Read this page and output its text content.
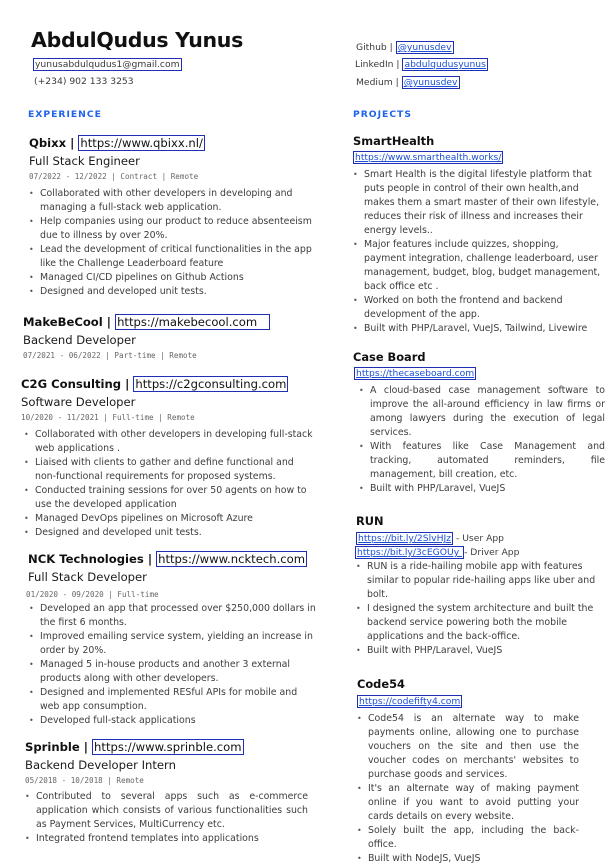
AbdulQudus Yunus
yunusabdulqudus1@gmail.com
(+234) 902 133 3253
Github | @yunusdev
LinkedIn | abdulqudusyunus
Medium | @yunusdev
EXPERIENCE	PROJECTS
Qbixx | https://www.qbixx.nl/
Full Stack Engineer
07/2022 - 12/2022 | Contract | Remote
• Collaborated with other developers in developing and managing a full-stack web application.
• Help companies using our product to reduce absenteeism due to illness by over 20%.
• Lead the development of critical functionalities in the app like the Challenge Leaderboard feature
• Managed CI/CD pipelines on Github Actions
• Designed and developed unit tests.
MakeBeCool | https://makebecool.com
Backend Developer
07/2021 - 06/2022 | Part-time | Remote
C2G Consulting | https://c2gconsulting.com
Software Developer
10/2020 - 11/2021 | Full-time | Remote
• Collaborated with other developers in developing full-stack web applications .
• Liaised with clients to gather and define functional and non-functional requirements for proposed systems.
• Conducted training sessions for over 50 agents on how to use the developed application
• Managed DevOps pipelines on Microsoft Azure
• Designed and developed unit tests.
NCK Technologies | https://www.ncktech.com
Full Stack Developer
01/2020 - 09/2020 | Full-time
• Developed an app that processed over $250,000 dollars in the first 6 months.
• Improved emailing service system, yielding an increase in order by 20%.
• Managed 5 in-house products and another 3 external products along with other developers.
• Designed and implemented RESful APIs for mobile and web app consumption.
• Developed full-stack applications
Sprinble | https://www.sprinble.com
Backend Developer Intern
05/2018 - 10/2018 | Remote
• Contributed to several apps such as e-commerce application which consists of various functionalities such as Payment Services, MultiCurrency etc.
• Integrated frontend templates into applications
SmartHealth
https://www.smarthealth.works/
• Smart Health is the digital lifestyle platform that puts people in control of their own health,and makes them a smart master of their own lifestyle, reduces their risk of illness and increases their energy levels..
• Major features include quizzes, shopping, payment integration, challenge leaderboard, user management, budget, blog, budget management, back office etc .
• Worked on both the frontend and backend development of the app.
• Built with PHP/Laravel, VueJS, Tailwind, Livewire
Case Board
https://thecaseboard.com
• A cloud-based case management software to improve the all-around efficiency in law firms or among lawyers during the execution of legal services.
• With features like Case Management and tracking, automated reminders, file management, bill creation, etc.
• Built with PHP/Laravel, VueJS
RUN
https://bit.ly/2SlvHJz - User App
https://bit.ly/3cEGOUy - Driver App
• RUN is a ride-hailing mobile app with features similar to popular ride-hailing apps like uber and bolt.
• I designed the system architecture and built the backend service powering both the mobile applications and the back-office.
• Built with PHP/Laravel, VueJS
Code54
https://codefifty4.com
• Code54 is an alternate way to make payments online, allowing one to purchase vouchers on the site and then use the voucher codes on merchants' websites to purchase goods and services.
• It's an alternate way of making payment online if you want to avoid putting your cards details on every website.
• Solely built the app, including the back-office.
• Built with NodeJS, VueJS
